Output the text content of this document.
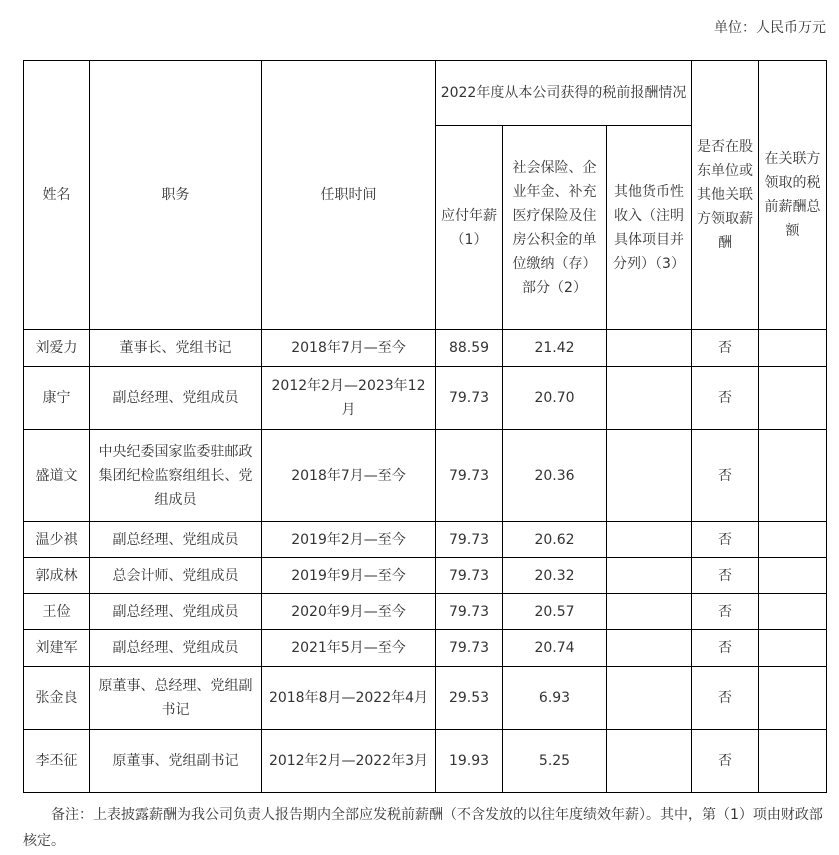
单位：人民币万元
姓名	职务	任职时间	2022年度从本公司获得的税前报酬情况			是否在股东单位或其他关联方领取薪酬	在关联方领取的税前薪酬总额
			应付年薪（1）	社会保险、企业年金、补充医疗保险及住房公积金的单位缴纳（存）部分（2）	其他货币性收入（注明具体项目并分列）（3）		
刘爱力	董事长、党组书记	2018年7月—至今	88.59	21.42		否	
康宁	副总经理、党组成员	2012年2月—2023年12月	79.73	20.70		否	
盛道文	中央纪委国家监委驻邮政集团纪检监察组组长、党组成员	2018年7月—至今	79.73	20.36		否	
温少祺	副总经理、党组成员	2019年2月—至今	79.73	20.62		否	
郭成林	总会计师、党组成员	2019年9月—至今	79.73	20.32		否	
王俭	副总经理、党组成员	2020年9月—至今	79.73	20.57		否	
刘建军	副总经理、党组成员	2021年5月—至今	79.73	20.74		否	
张金良	原董事、总经理、党组副书记	2018年8月—2022年4月	29.53	6.93		否	
李丕征	原董事、党组副书记	2012年2月—2022年3月	19.93	5.25		否	
备注：上表披露薪酬为我公司负责人报告期内全部应发税前薪酬（不含发放的以往年度绩效年薪）。其中，第（1）项由财政部核定。
